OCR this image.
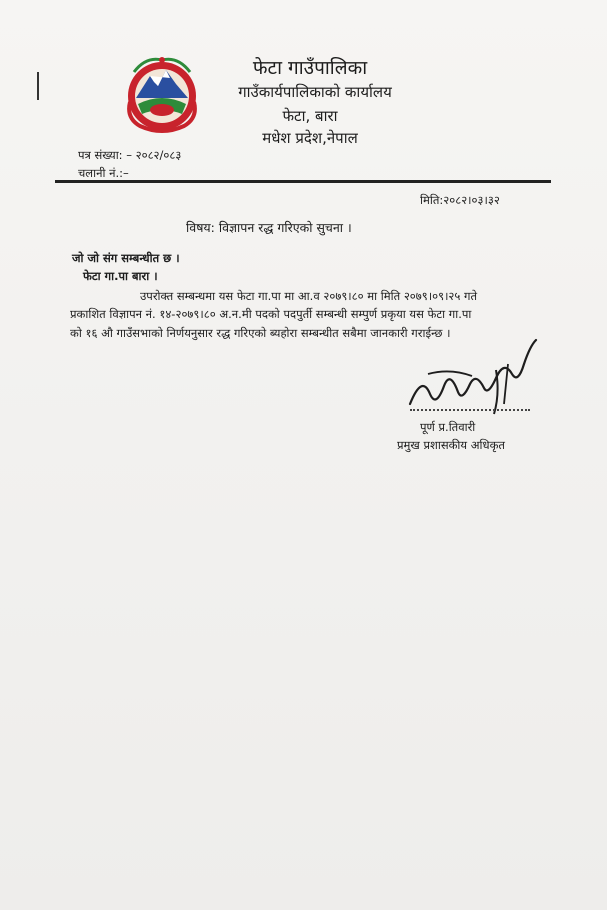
फेटा गाउँपालिका
गाउँकार्यपालिकाको कार्यालय
फेटा, बारा
मधेश प्रदेश,नेपाल
पत्र संख्या: – २०८२/०८३
चलानी नं.:–
मिति:२०८२।०३।३२
विषय: विज्ञापन रद्ध गरिएको सुचना ।
जो जो संग सम्बन्धीत छ ।
फेटा गा.पा बारा ।
उपरोक्त सम्बन्धमा यस फेटा गा.पा मा आ.व २०७९।८० मा मिति २०७९।०९।२५ गते
प्रकाशित विज्ञापन नं. १४-२०७९।८० अ.न.मी पदको पदपुर्ती सम्बन्धी सम्पुर्ण प्रकृया यस फेटा गा.पा
को १६ औ गाउँसभाको निर्णयनुसार रद्ध गरिएको ब्यहोरा सम्बन्धीत सबैमा जानकारी गराईन्छ ।
पूर्ण प्र.तिवारी
प्रमुख प्रशासकीय अधिकृत
